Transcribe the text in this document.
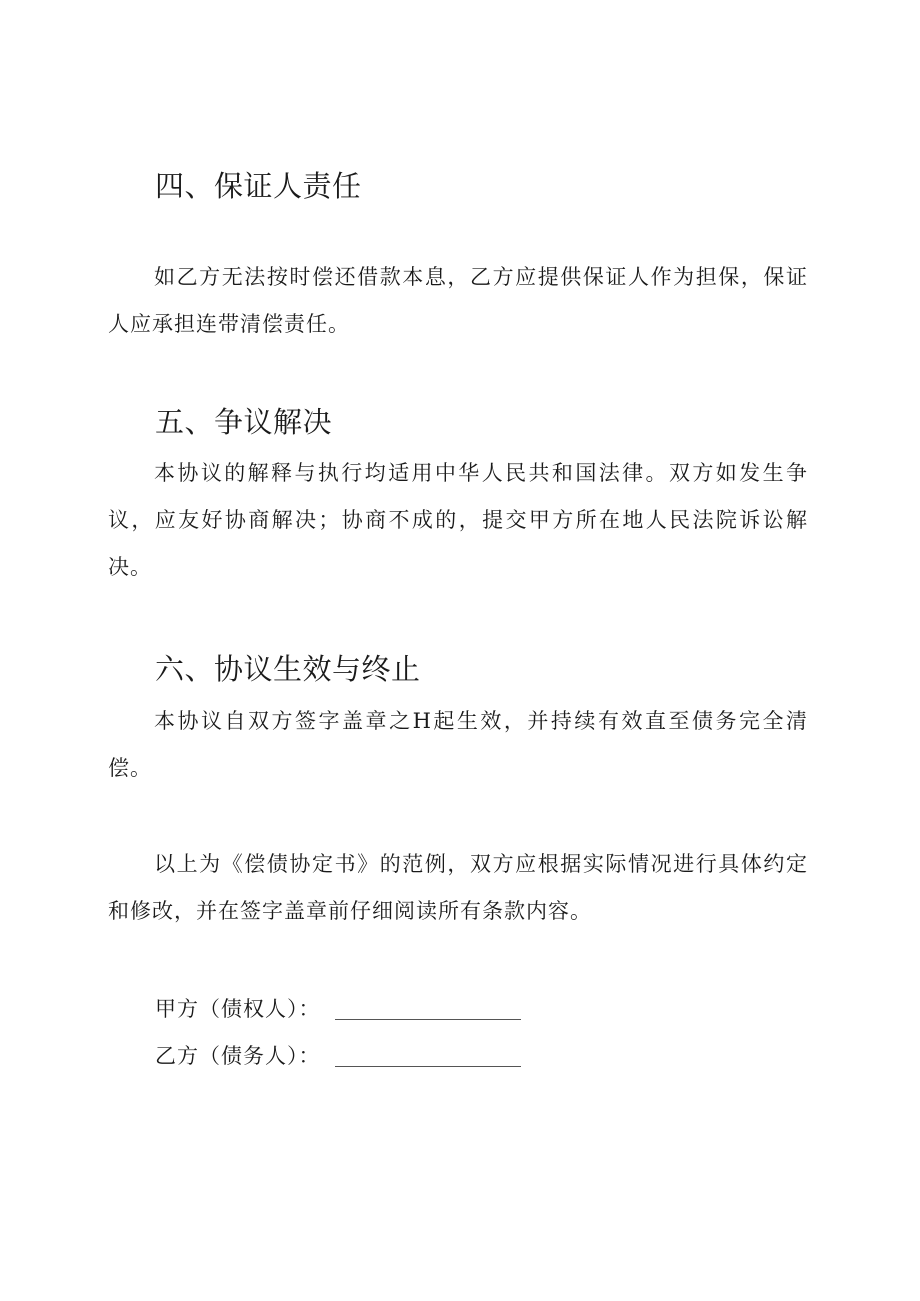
四、保证人责任

如乙方无法按时偿还借款本息，乙方应提供保证人作为担保，保证人应承担连带清偿责任。

五、争议解决

本协议的解释与执行均适用中华人民共和国法律。双方如发生争议，应友好协商解决；协商不成的，提交甲方所在地人民法院诉讼解决。

六、协议生效与终止

本协议自双方签字盖章之H起生效，并持续有效直至债务完全清偿。

以上为《偿债协定书》的范例，双方应根据实际情况进行具体约定和修改，并在签字盖章前仔细阅读所有条款内容。

甲方（债权人）：
乙方（债务人）：
